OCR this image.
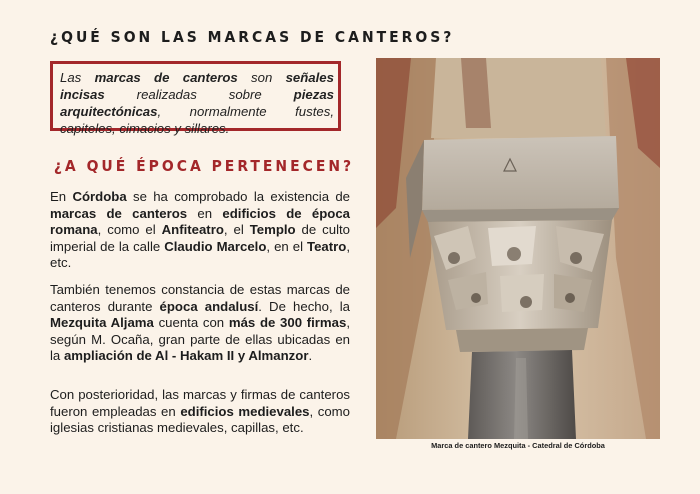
¿QUÉ SON LAS MARCAS DE CANTEROS?

Las marcas de canteros son señales incisas realizadas sobre piezas arquitectónicas, normalmente fustes, capiteles, cimacios y sillares.

¿A QUÉ ÉPOCA PERTENECEN?

En Córdoba se ha comprobado la existencia de marcas de canteros en edificios de época romana, como el Anfiteatro, el Templo de culto imperial de la calle Claudio Marcelo, en el Teatro, etc.

También tenemos constancia de estas marcas de canteros durante época andalusí. De hecho, la Mezquita Aljama cuenta con más de 300 firmas, según M. Ocaña, gran parte de ellas ubicadas en la ampliación de Al - Hakam II y Almanzor.

Con posterioridad, las marcas y firmas de canteros fueron empleadas en edificios medievales, como iglesias cristianas medievales, capillas, etc.

Marca de cantero Mezquita - Catedral de Córdoba
